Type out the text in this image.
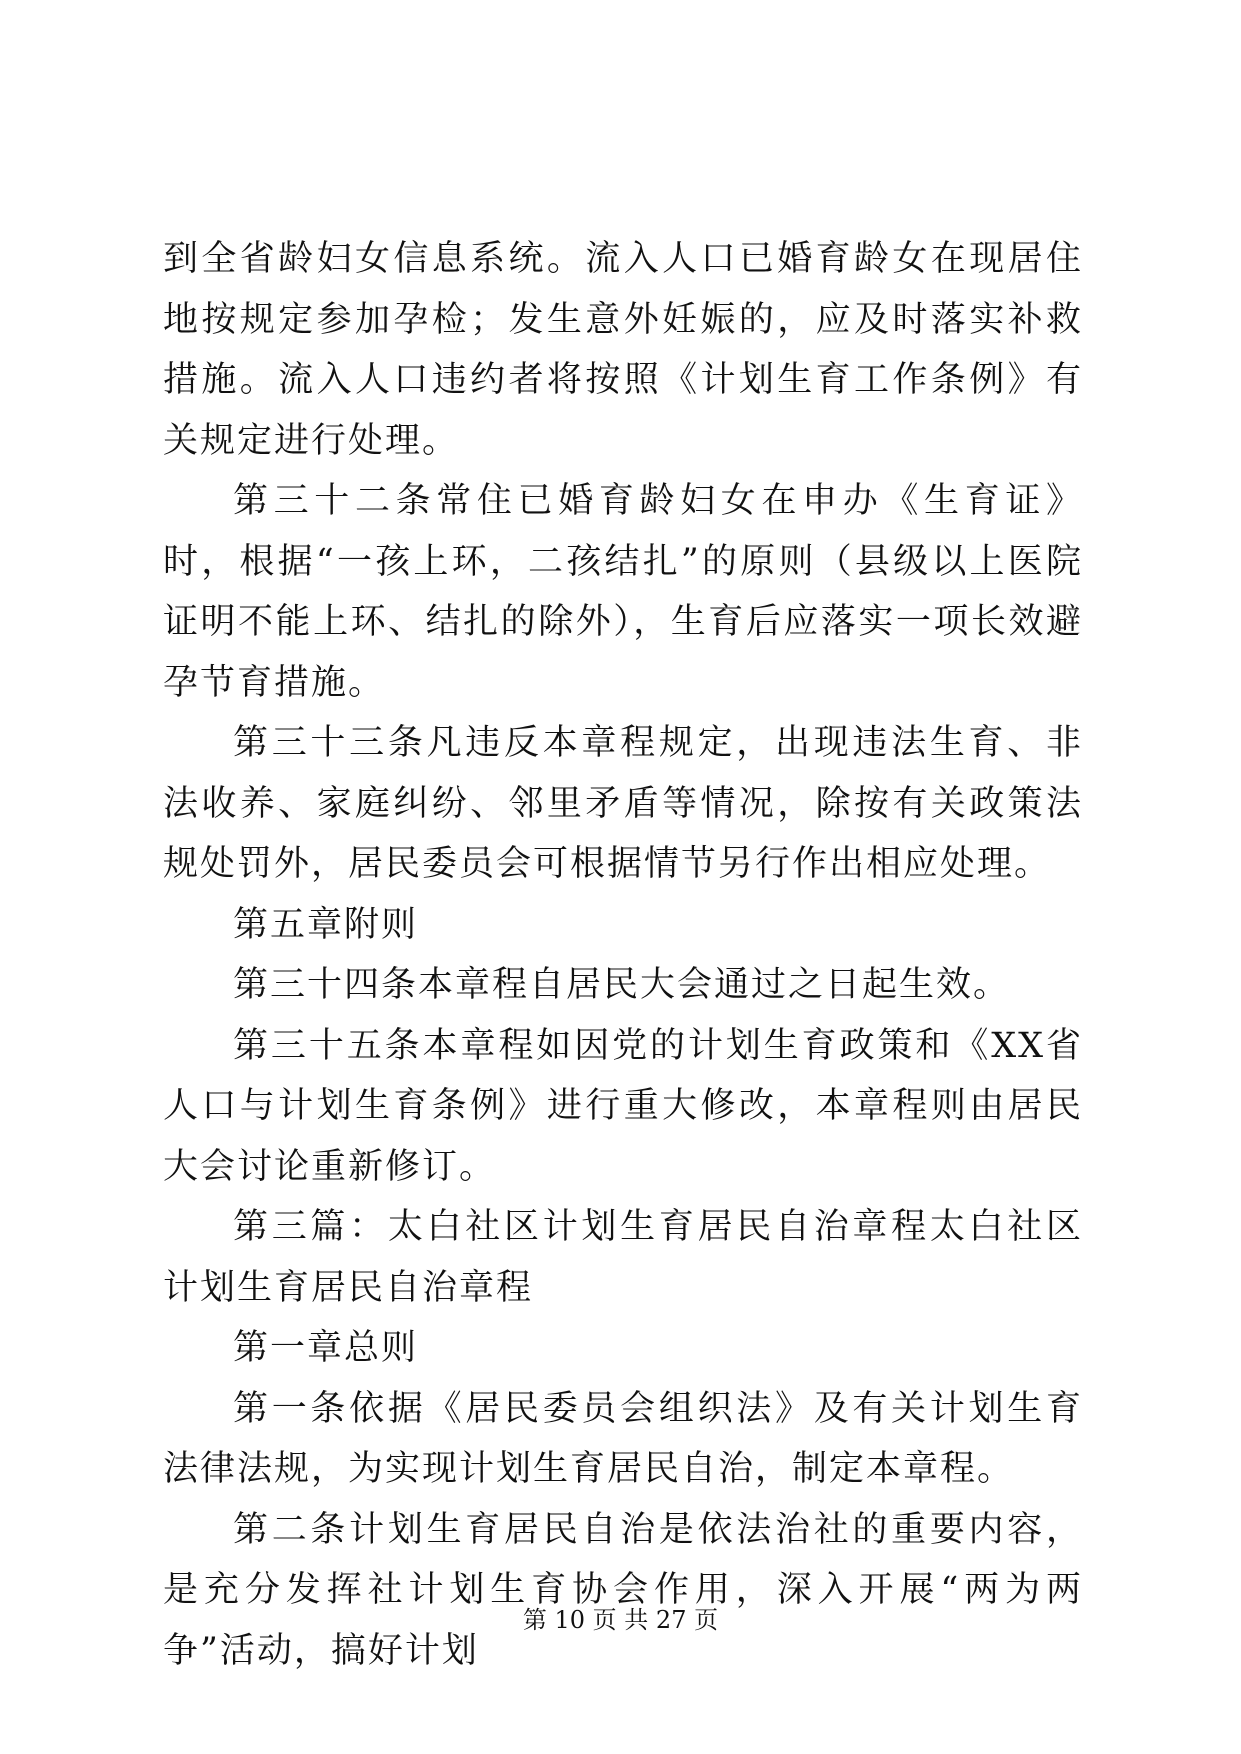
到全省龄妇女信息系统。流入人口已婚育龄女在现居住地按规定参加孕检；发生意外妊娠的，应及时落实补救措施。流入人口违约者将按照《计划生育工作条例》有关规定进行处理。

第三十二条常住已婚育龄妇女在申办《生育证》时，根据“一孩上环，二孩结扎”的原则（县级以上医院证明不能上环、结扎的除外），生育后应落实一项长效避孕节育措施。

第三十三条凡违反本章程规定，出现违法生育、非法收养、家庭纠纷、邻里矛盾等情况，除按有关政策法规处罚外，居民委员会可根据情节另行作出相应处理。

第五章附则

第三十四条本章程自居民大会通过之日起生效。

第三十五条本章程如因党的计划生育政策和《XX省人口与计划生育条例》进行重大修改，本章程则由居民大会讨论重新修订。

第三篇：太白社区计划生育居民自治章程太白社区计划生育居民自治章程

第一章总则

第一条依据《居民委员会组织法》及有关计划生育法律法规，为实现计划生育居民自治，制定本章程。

第二条计划生育居民自治是依法治社的重要内容，是充分发挥社计划生育协会作用，深入开展“两为两争”活动，搞好计划

第 10 页 共 27 页
